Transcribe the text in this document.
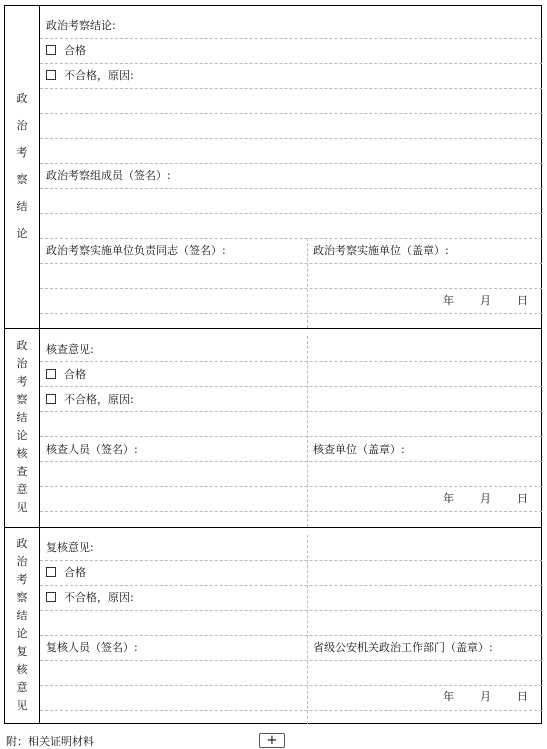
政
治
考
察
结
论
政治考察结论:
合格
不合格，原因:
政治考察组成员（签名）:
政治考察实施单位负责同志（签名）:	政治考察实施单位（盖章）:
年 月 日
政
治
考
察
结
论
核
查
意
见
核查意见:
合格
不合格，原因:
核查人员（签名）:	核查单位（盖章）:
年 月 日
政
治
考
察
结
论
复
核
意
见
复核意见:
合格
不合格，原因:
复核人员（签名）:	省级公安机关政治工作部门（盖章）:
年 月 日
附：相关证明材料	+
